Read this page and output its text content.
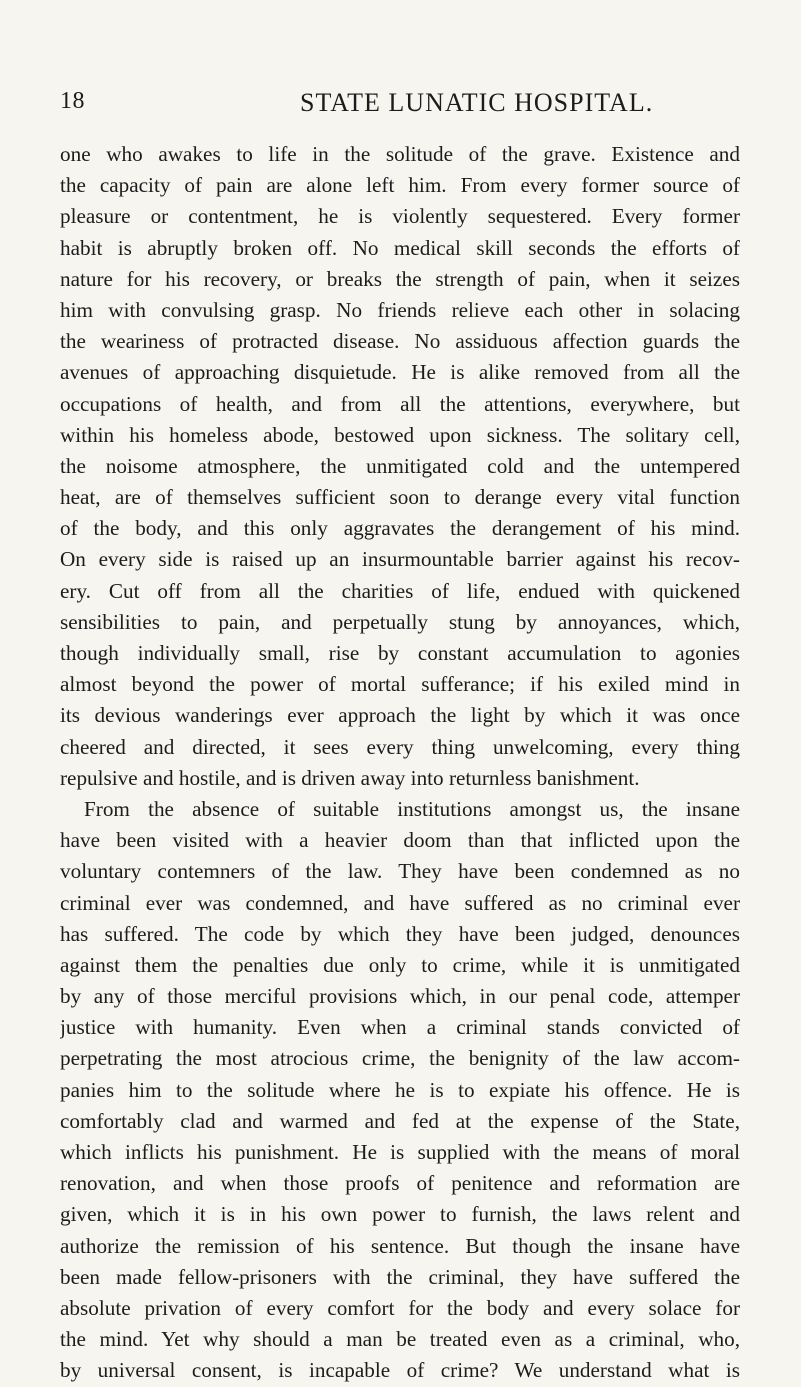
18	STATE LUNATIC HOSPITAL.
one who awakes to life in the solitude of the grave. Existence and
the capacity of pain are alone left him. From every former source of
pleasure or contentment, he is violently sequestered. Every former
habit is abruptly broken off. No medical skill seconds the efforts of
nature for his recovery, or breaks the strength of pain, when it seizes
him with convulsing grasp. No friends relieve each other in solacing
the weariness of protracted disease. No assiduous affection guards the
avenues of approaching disquietude. He is alike removed from all the
occupations of health, and from all the attentions, everywhere, but
within his homeless abode, bestowed upon sickness. The solitary cell,
the noisome atmosphere, the unmitigated cold and the untempered
heat, are of themselves sufficient soon to derange every vital function
of the body, and this only aggravates the derangement of his mind.
On every side is raised up an insurmountable barrier against his recov-
ery. Cut off from all the charities of life, endued with quickened
sensibilities to pain, and perpetually stung by annoyances, which,
though individually small, rise by constant accumulation to agonies
almost beyond the power of mortal sufferance; if his exiled mind in
its devious wanderings ever approach the light by which it was once
cheered and directed, it sees every thing unwelcoming, every thing
repulsive and hostile, and is driven away into returnless banishment.
From the absence of suitable institutions amongst us, the insane
have been visited with a heavier doom than that inflicted upon the
voluntary contemners of the law. They have been condemned as no
criminal ever was condemned, and have suffered as no criminal ever
has suffered. The code by which they have been judged, denounces
against them the penalties due only to crime, while it is unmitigated
by any of those merciful provisions which, in our penal code, attemper
justice with humanity. Even when a criminal stands convicted of
perpetrating the most atrocious crime, the benignity of the law accom-
panies him to the solitude where he is to expiate his offence. He is
comfortably clad and warmed and fed at the expense of the State,
which inflicts his punishment. He is supplied with the means of moral
renovation, and when those proofs of penitence and reformation are
given, which it is in his own power to furnish, the laws relent and
authorize the remission of his sentence. But though the insane have
been made fellow-prisoners with the criminal, they have suffered the
absolute privation of every comfort for the body and every solace for
the mind. Yet why should a man be treated even as a criminal, who,
by universal consent, is incapable of crime? We understand what is
